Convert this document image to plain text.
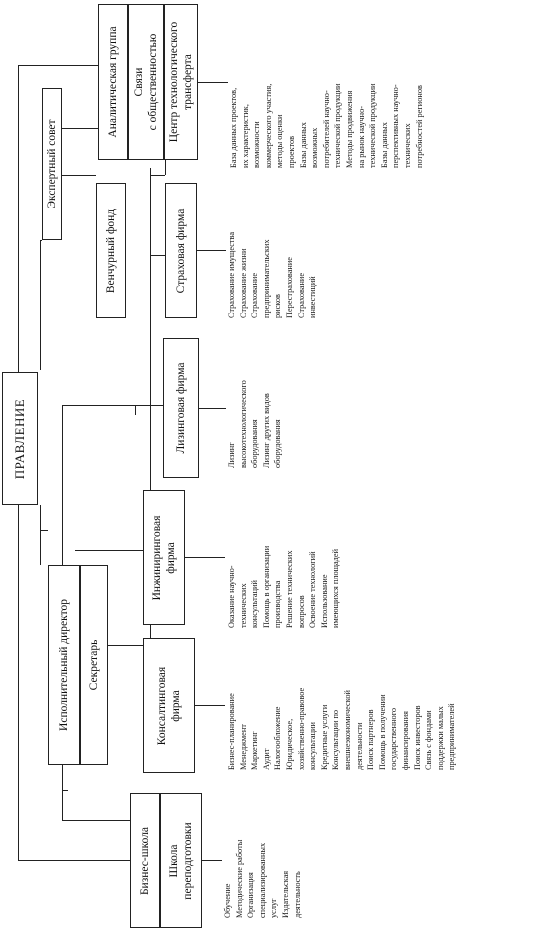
ПРАВЛЕНИЕ
Экспертный совет
Венчурный фонд
Исполнительный директор Секретарь
Бизнес-школа Школа переподготовки
Аналитическая группа Связи с общественностью Центр технологического трансферта
Страховая фирма
Лизинговая фирма
Инжиниринговая фирма
Консалтинговая фирма
Обучение Методические работы Организация специализированных услуг Издательская деятельность
Бизнес-планирование Менеджмент Маркетинг Аудит Налогообложение Юридическое, хозяйственно-правовое консультации Кредитные услуги Консультации по внешнеэкономической деятельности Поиск партнеров Помощь в получении государственного финансирования Поиск инвесторов Связь с фондами поддержки малых предпринимателей
Оказание научно- технических консультаций Помощь в организации производства Решение технических вопросов Освоение технологий Использование имеющихся площадей
Лизинг высокотехнологического оборудования Лизинг других видов оборудования
Страхование имущества Страхование жизни Страхование предпринимательских рисков Перестрахование Страхование инвестиций
База данных проектов, их характеристик, возможности коммерческого участия, методы оценки проектов Базы данных возможных потребителей научно- технической продукции Методы продвижения на рынок научно- технической продукции Базы данных перспективных научно- технических потребностей регионов
